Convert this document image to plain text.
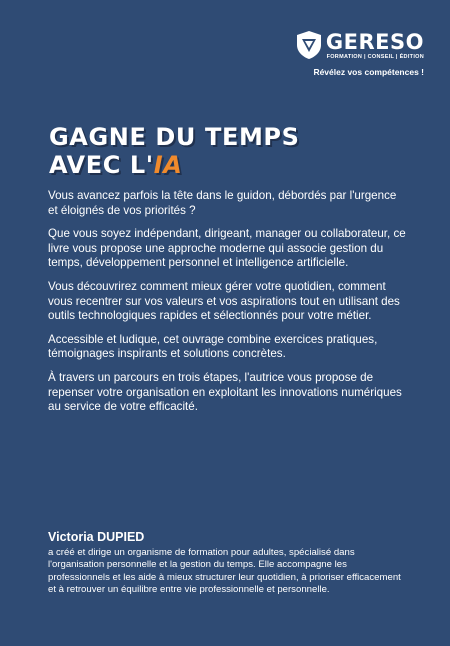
GERESO
FORMATION | CONSEIL | ÉDITION
Révélez vos compétences !
GAGNE DU TEMPS
AVEC L'IA

Vous avancez parfois la tête dans le guidon, débordés par l'urgence et éloignés de vos priorités ?

Que vous soyez indépendant, dirigeant, manager ou collaborateur, ce livre vous propose une approche moderne qui associe gestion du temps, développement personnel et intelligence artificielle.

Vous découvrirez comment mieux gérer votre quotidien, comment vous recentrer sur vos valeurs et vos aspirations tout en utilisant des outils technologiques rapides et sélectionnés pour votre métier.

Accessible et ludique, cet ouvrage combine exercices pratiques, témoignages inspirants et solutions concrètes.

À travers un parcours en trois étapes, l'autrice vous propose de repenser votre organisation en exploitant les innovations numériques au service de votre efficacité.

Victoria DUPIED
a créé et dirige un organisme de formation pour adultes, spécialisé dans l'organisation personnelle et la gestion du temps. Elle accompagne les professionnels et les aide à mieux structurer leur quotidien, à prioriser efficacement et à retrouver un équilibre entre vie professionnelle et personnelle.
